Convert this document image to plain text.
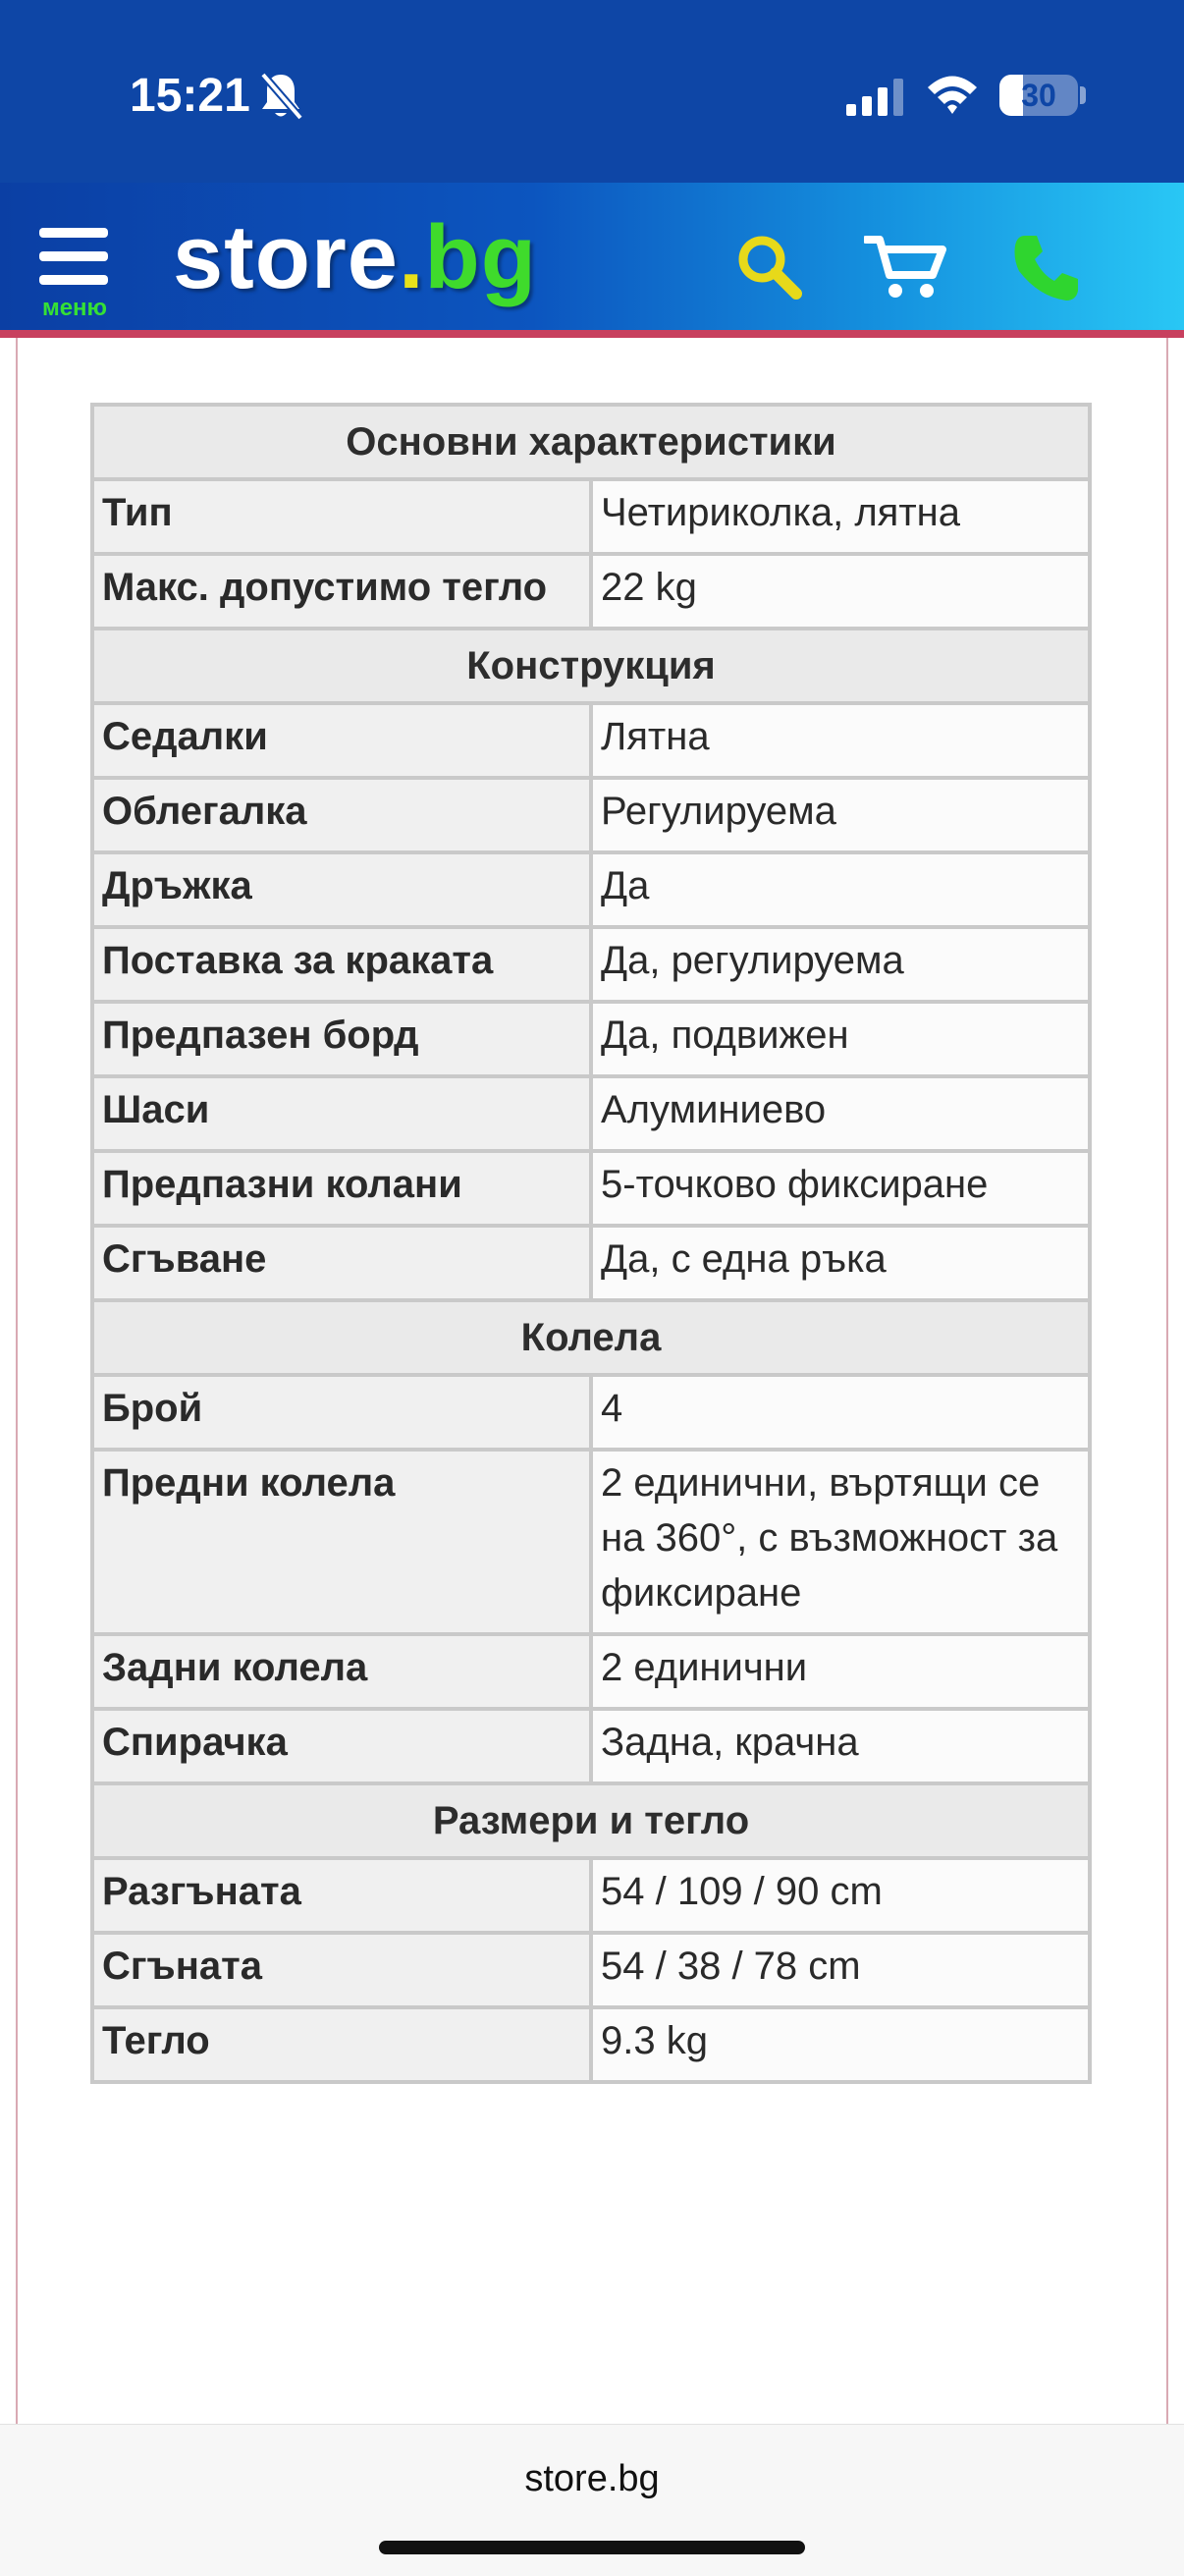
15:21	30
меню
store.bg
Основни характеристики	
Тип	Четириколка, лятна
Макс. допустимо тегло	22 kg
Конструкция	
Седалки	Лятна
Облегалка	Регулируема
Дръжка	Да
Поставка за краката	Да, регулируема
Предпазен борд	Да, подвижен
Шаси	Алуминиево
Предпазни колани	5-точково фиксиране
Сгъване	Да, с една ръка
Колела	
Брой	4
Предни колела	2 единични, въртящи се на 360°, с възможност за фиксиране
Задни колела	2 единични
Спирачка	Задна, крачна
Размери и тегло	
Разгъната	54 / 109 / 90 cm
Сгъната	54 / 38 / 78 cm
Тегло	9.3 kg
store.bg
